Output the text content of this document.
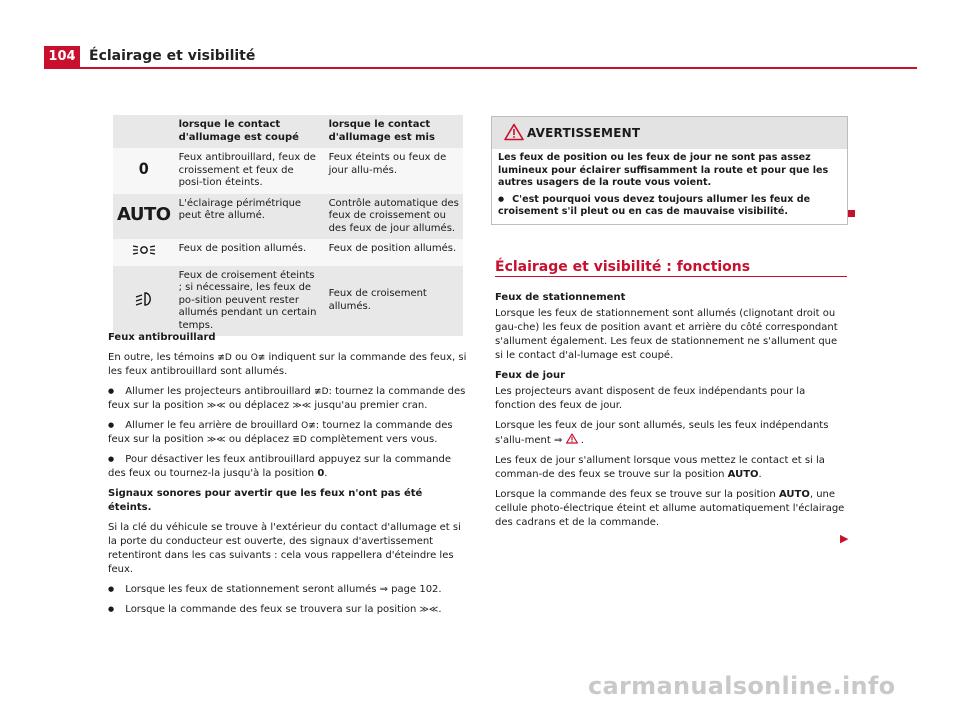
104 Éclairage et visibilité
	lorsque le contact d'allumage est coupé	lorsque le contact d'allumage est mis
0	Feux antibrouillard, feux de croissement et feux de posi-tion éteints.	Feux éteints ou feux de jour allu-més.
AUTO	L'éclairage périmétrique peut être allumé.	Contrôle automatique des feux de croissement ou des feux de jour allumés.
	Feux de position allumés.	Feux de position allumés.
	Feux de croisement éteints ; si nécessaire, les feux de po-sition peuvent rester allumés pendant un certain temps.	Feux de croisement allumés.

Feux antibrouillard

En outre, les témoins ≢D ou O≢ indiquent sur la commande des feux, si les feux antibrouillard sont allumés.

● Allumer les projecteurs antibrouillard ≢D: tournez la commande des feux sur la position ≫≪ ou déplacez ≫≪ jusqu'au premier cran.

● Allumer le feu arrière de brouillard O≢: tournez la commande des feux sur la position ≫≪ ou déplacez ≣D complètement vers vous.

● Pour désactiver les feux antibrouillard appuyez sur la commande des feux ou tournez-la jusqu'à la position 0.

Signaux sonores pour avertir que les feux n'ont pas été éteints.

Si la clé du véhicule se trouve à l'extérieur du contact d'allumage et si la porte du conducteur est ouverte, des signaux d'avertissement retentiront dans les cas suivants : cela vous rappellera d'éteindre les feux.

● Lorsque les feux de stationnement seront allumés ⇒ page 102.

● Lorsque la commande des feux se trouvera sur la position ≫≪.

AVERTISSEMENT

Les feux de position ou les feux de jour ne sont pas assez lumineux pour éclairer suffisamment la route et pour que les autres usagers de la route vous voient.

● C'est pourquoi vous devez toujours allumer les feux de croisement s'il pleut ou en cas de mauvaise visibilité.

Éclairage et visibilité : fonctions

Feux de stationnement

Lorsque les feux de stationnement sont allumés (clignotant droit ou gau-che) les feux de position avant et arrière du côté correspondant s'allument également. Les feux de stationnement ne s'allument que si le contact d'al-lumage est coupé.

Feux de jour

Les projecteurs avant disposent de feux indépendants pour la fonction des feux de jour.

Lorsque les feux de jour sont allumés, seuls les feux indépendants s'allu-ment ⇒ .

Les feux de jour s'allument lorsque vous mettez le contact et si la comman-de des feux se trouve sur la position AUTO.

Lorsque la commande des feux se trouve sur la position AUTO, une cellule photo-électrique éteint et allume automatiquement l'éclairage des cadrans et de la commande.

▶
carmanualsonline.info
